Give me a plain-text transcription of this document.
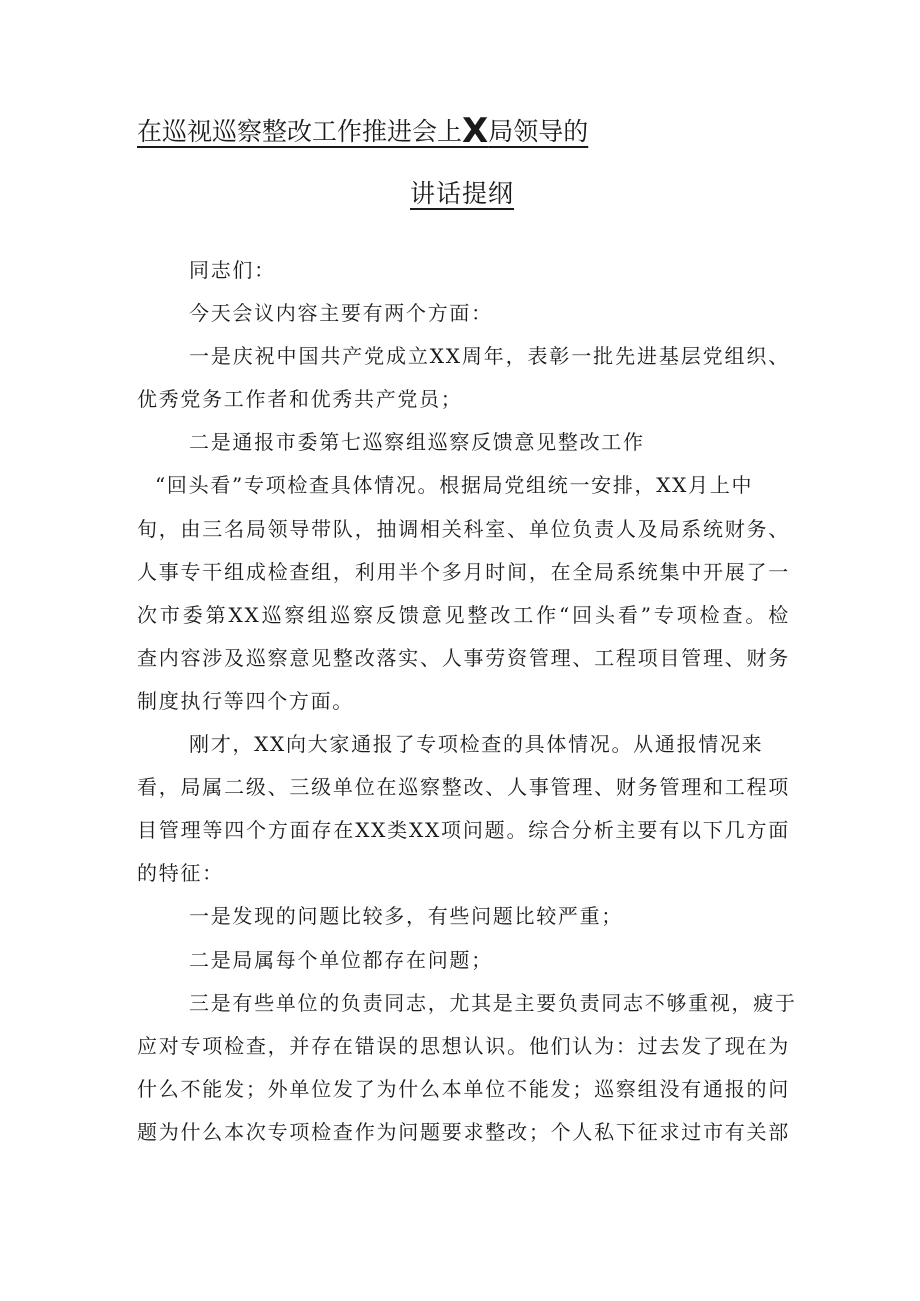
在巡视巡察整改工作推进会上X局领导的
讲话提纲
同志们：
今天会议内容主要有两个方面：
一是庆祝中国共产党成立XX周年，表彰一批先进基层党组织、
优秀党务工作者和优秀共产党员；
二是通报市委第七巡察组巡察反馈意见整改工作
“回头看”专项检查具体情况。根据局党组统一安排，XX月上中
旬，由三名局领导带队，抽调相关科室、单位负责人及局系统财务、
人事专干组成检查组，利用半个多月时间，在全局系统集中开展了一
次市委第XX巡察组巡察反馈意见整改工作“回头看”专项检查。检
查内容涉及巡察意见整改落实、人事劳资管理、工程项目管理、财务
制度执行等四个方面。
刚才，XX向大家通报了专项检查的具体情况。从通报情况来
看，局属二级、三级单位在巡察整改、人事管理、财务管理和工程项
目管理等四个方面存在XX类XX项问题。综合分析主要有以下几方面
的特征：
一是发现的问题比较多，有些问题比较严重；
二是局属每个单位都存在问题；
三是有些单位的负责同志，尤其是主要负责同志不够重视，疲于
应对专项检查，并存在错误的思想认识。他们认为：过去发了现在为
什么不能发；外单位发了为什么本单位不能发；巡察组没有通报的问
题为什么本次专项检查作为问题要求整改；个人私下征求过市有关部
